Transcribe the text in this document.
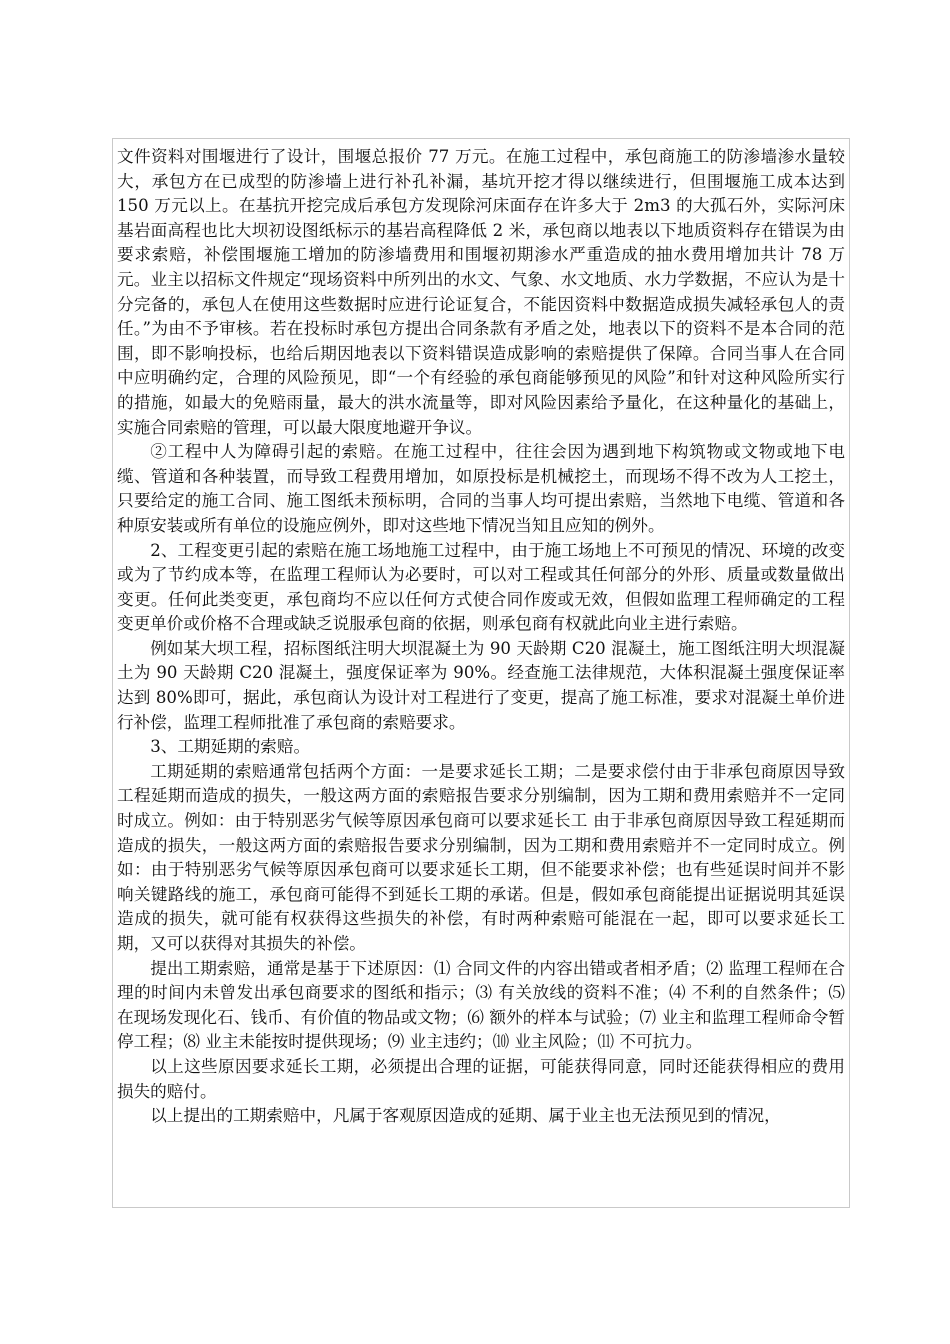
文件资料对围堰进行了设计，围堰总报价 77 万元。在施工过程中，承包商施工的防渗墙渗水量较大，承包方在已成型的防渗墙上进行补孔补漏，基坑开挖才得以继续进行，但围堰施工成本达到 150 万元以上。在基抗开挖完成后承包方发现除河床面存在许多大于 2m3 的大孤石外，实际河床基岩面高程也比大坝初设图纸标示的基岩高程降低 2 米，承包商以地表以下地质资料存在错误为由要求索赔，补偿围堰施工增加的防渗墙费用和围堰初期渗水严重造成的抽水费用增加共计 78 万元。业主以招标文件规定“现场资料中所列出的水文、气象、水文地质、水力学数据，不应认为是十分完备的，承包人在使用这些数据时应进行论证复合，不能因资料中数据造成损失减轻承包人的责任。”为由不予审核。若在投标时承包方提出合同条款有矛盾之处，地表以下的资料不是本合同的范围，即不影响投标，也给后期因地表以下资料错误造成影响的索赔提供了保障。合同当事人在合同中应明确约定，合理的风险预见，即“一个有经验的承包商能够预见的风险”和针对这种风险所实行的措施，如最大的免赔雨量，最大的洪水流量等，即对风险因素给予量化，在这种量化的基础上，实施合同索赔的管理，可以最大限度地避开争议。

②工程中人为障碍引起的索赔。在施工过程中，往往会因为遇到地下构筑物或文物或地下电缆、管道和各种装置，而导致工程费用增加，如原投标是机械挖土，而现场不得不改为人工挖土，只要给定的施工合同、施工图纸未预标明，合同的当事人均可提出索赔，当然地下电缆、管道和各种原安装或所有单位的设施应例外，即对这些地下情况当知且应知的例外。

2、工程变更引起的索赔在施工场地施工过程中，由于施工场地上不可预见的情况、环境的改变或为了节约成本等，在监理工程师认为必要时，可以对工程或其任何部分的外形、质量或数量做出变更。任何此类变更，承包商均不应以任何方式使合同作废或无效，但假如监理工程师确定的工程变更单价或价格不合理或缺乏说服承包商的依据，则承包商有权就此向业主进行索赔。

例如某大坝工程，招标图纸注明大坝混凝土为 90 天龄期 C20 混凝土，施工图纸注明大坝混凝土为 90 天龄期 C20 混凝土，强度保证率为 90%。经查施工法律规范，大体积混凝土强度保证率达到 80%即可，据此，承包商认为设计对工程进行了变更，提高了施工标准，要求对混凝土单价进行补偿，监理工程师批准了承包商的索赔要求。

3、工期延期的索赔。

工期延期的索赔通常包括两个方面：一是要求延长工期；二是要求偿付由于非承包商原因导致工程延期而造成的损失，一般这两方面的索赔报告要求分别编制，因为工期和费用索赔并不一定同时成立。例如：由于特别恶劣气候等原因承包商可以要求延长工 由于非承包商原因导致工程延期而造成的损失，一般这两方面的索赔报告要求分别编制，因为工期和费用索赔并不一定同时成立。例如：由于特别恶劣气候等原因承包商可以要求延长工期，但不能要求补偿；也有些延误时间并不影响关键路线的施工，承包商可能得不到延长工期的承诺。但是，假如承包商能提出证据说明其延误造成的损失，就可能有权获得这些损失的补偿，有时两种索赔可能混在一起，即可以要求延长工期，又可以获得对其损失的补偿。

提出工期索赔，通常是基于下述原因：⑴ 合同文件的内容出错或者相矛盾；⑵ 监理工程师在合理的时间内未曾发出承包商要求的图纸和指示；⑶ 有关放线的资料不准；⑷ 不利的自然条件；⑸ 在现场发现化石、钱币、有价值的物品或文物；⑹ 额外的样本与试验；⑺ 业主和监理工程师命令暂停工程；⑻ 业主未能按时提供现场；⑼ 业主违约；⑽ 业主风险；⑾ 不可抗力。

以上这些原因要求延长工期，必须提出合理的证据，可能获得同意，同时还能获得相应的费用损失的赔付。

以上提出的工期索赔中，凡属于客观原因造成的延期、属于业主也无法预见到的情况，
